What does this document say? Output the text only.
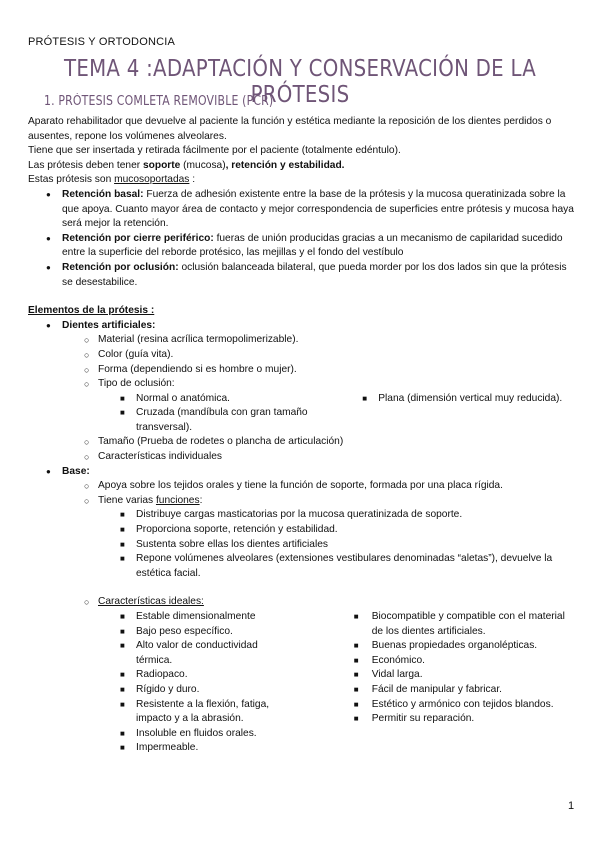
PRÓTESIS Y ORTODONCIA
TEMA 4 :ADAPTACIÓN Y CONSERVACIÓN DE LA PRÓTESIS
1. PRÓTESIS COMLETA REMOVIBLE (PCR)

Aparato rehabilitador que devuelve al paciente la función y estética mediante la reposición de los dientes perdidos o ausentes, repone los volúmenes alveolares.

Tiene que ser insertada y retirada fácilmente por el paciente (totalmente edéntulo).

Las prótesis deben tener soporte (mucosa), retención y estabilidad.

Estas prótesis son mucosoportadas :

● Retención basal: Fuerza de adhesión existente entre la base de la prótesis y la mucosa queratinizada sobre la que apoya. Cuanto mayor área de contacto y mejor correspondencia de superficies entre prótesis y mucosa haya será mejor la retención.
● Retención por cierre periférico: fueras de unión producidas gracias a un mecanismo de capilaridad sucedido entre la superficie del reborde protésico, las mejillas y el fondo del vestíbulo
● Retención por oclusión: oclusión balanceada bilateral, que pueda morder por los dos lados sin que la prótesis se desestabilice.

Elementos de la prótesis :

● Dientes artificiales:
○ Material (resina acrílica termopolimerizable).
○ Color (guía vita).
○ Forma (dependiendo si es hombre o mujer).
○ Tipo de oclusión:
■ Normal o anatómica.
■ Cruzada (mandíbula con gran tamaño transversal).
■ Plana (dimensión vertical muy reducida).
○ Tamaño (Prueba de rodetes o plancha de articulación)
○ Características individuales
● Base:
○ Apoya sobre los tejidos orales y tiene la función de soporte, formada por una placa rígida.
○ Tiene varias funciones:
■ Distribuye cargas masticatorias por la mucosa queratinizada de soporte.
■ Proporciona soporte, retención y estabilidad.
■ Sustenta sobre ellas los dientes artificiales
■ Repone volúmenes alveolares (extensiones vestibulares denominadas “aletas”), devuelve la estética facial.
○ Características ideales:
■ ■ Estable dimensionalmente
■ Bajo peso específico.
■ Alto valor de conductividad térmica.
■ Radiopaco.
■ Rígido y duro.
■ Resistente a la flexión, fatiga, impacto y a la abrasión.
■ Insoluble en fluidos orales.
■ Impermeable.
■ Biocompatible y compatible con el material de los dientes artificiales.
■ Buenas propiedades organolépticas.
■ Económico.
■ Vidal larga.
■ Fácil de manipular y fabricar.
■ Estético y armónico con tejidos blandos.
■ Permitir su reparación.
1
